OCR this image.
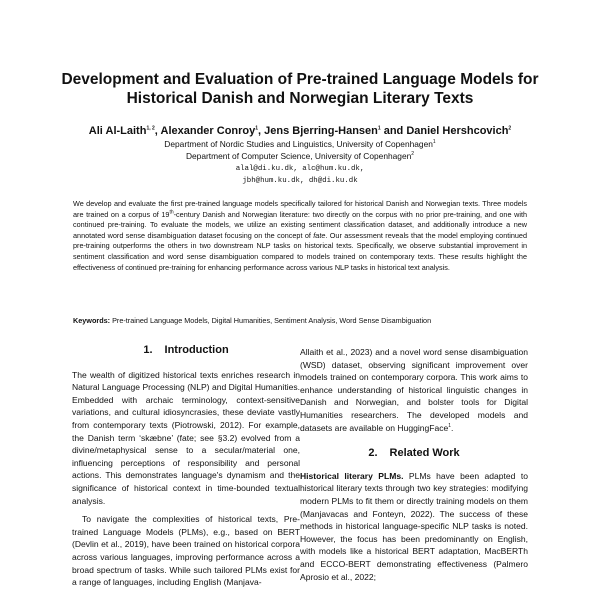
Development and Evaluation of Pre-trained Language Models for
Historical Danish and Norwegian Literary Texts
Ali Al-Laith$^{1, 2}$, Alexander Conroy$^1$, Jens Bjerring-Hansen$^1$ and Daniel Hershcovich$^2$
Department of Nordic Studies and Linguistics, University of Copenhagen$^1$
Department of Computer Science, University of Copenhagen$^2$
alal@di.ku.dk, alc@hum.ku.dk,
jbh@hum.ku.dk, dh@di.ku.dk

We develop and evaluate the first pre-trained language models specifically tailored for historical Danish and Norwegian texts. Three models are trained on a corpus of 19th-century Danish and Norwegian literature: two directly on the corpus with no prior pre-training, and one with continued pre-training. To evaluate the models, we utilize an existing sentiment classification dataset, and additionally introduce a new annotated word sense disambiguation dataset focusing on the concept of fate. Our assessment reveals that the model employing continued pre-training outperforms the others in two downstream NLP tasks on historical texts. Specifically, we observe substantial improvement in sentiment classification and word sense disambiguation compared to models trained on contemporary texts. These results highlight the effectiveness of continued pre-training for enhancing performance across various NLP tasks in historical text analysis.

Keywords: Pre-trained Language Models, Digital Humanities, Sentiment Analysis, Word Sense Disambiguation
1. Introduction

The wealth of digitized historical texts enriches research in Natural Language Processing (NLP) and Digital Humanities. Embedded with archaic terminology, context-sensitive variations, and cultural idiosyncrasies, these deviate vastly from contemporary texts (Piotrowski, 2012). For example, the Danish term ‘skæbne’ (fate; see §3.2) evolved from a divine/metaphysical sense to a secular/material one, influencing perceptions of responsibility and personal actions. This demonstrates language's dynamism and the significance of historical context in time-bounded textual analysis.

To navigate the complexities of historical texts, Pre-trained Language Models (PLMs), e.g., based on BERT (Devlin et al., 2019), have been trained on historical corpora across various languages, improving performance across a broad spectrum of tasks. While such tailored PLMs exist for a range of languages, including English (Manjava-

Allaith et al., 2023) and a novel word sense disambiguation (WSD) dataset, observing significant improvement over models trained on contemporary corpora. This work aims to enhance understanding of historical linguistic changes in Danish and Norwegian, and bolster tools for Digital Humanities researchers. The developed models and datasets are available on HuggingFace$^1$.

2. Related Work

Historical literary PLMs. PLMs have been adapted to historical literary texts through two key strategies: modifying modern PLMs to fit them or directly training models on them (Manjavacas and Fonteyn, 2022). The success of these methods in historical language-specific NLP tasks is noted. However, the focus has been predominantly on English, with models like a historical BERT adaptation, MacBERTh and ECCO-BERT demonstrating effectiveness (Palmero Aprosio et al., 2022;
